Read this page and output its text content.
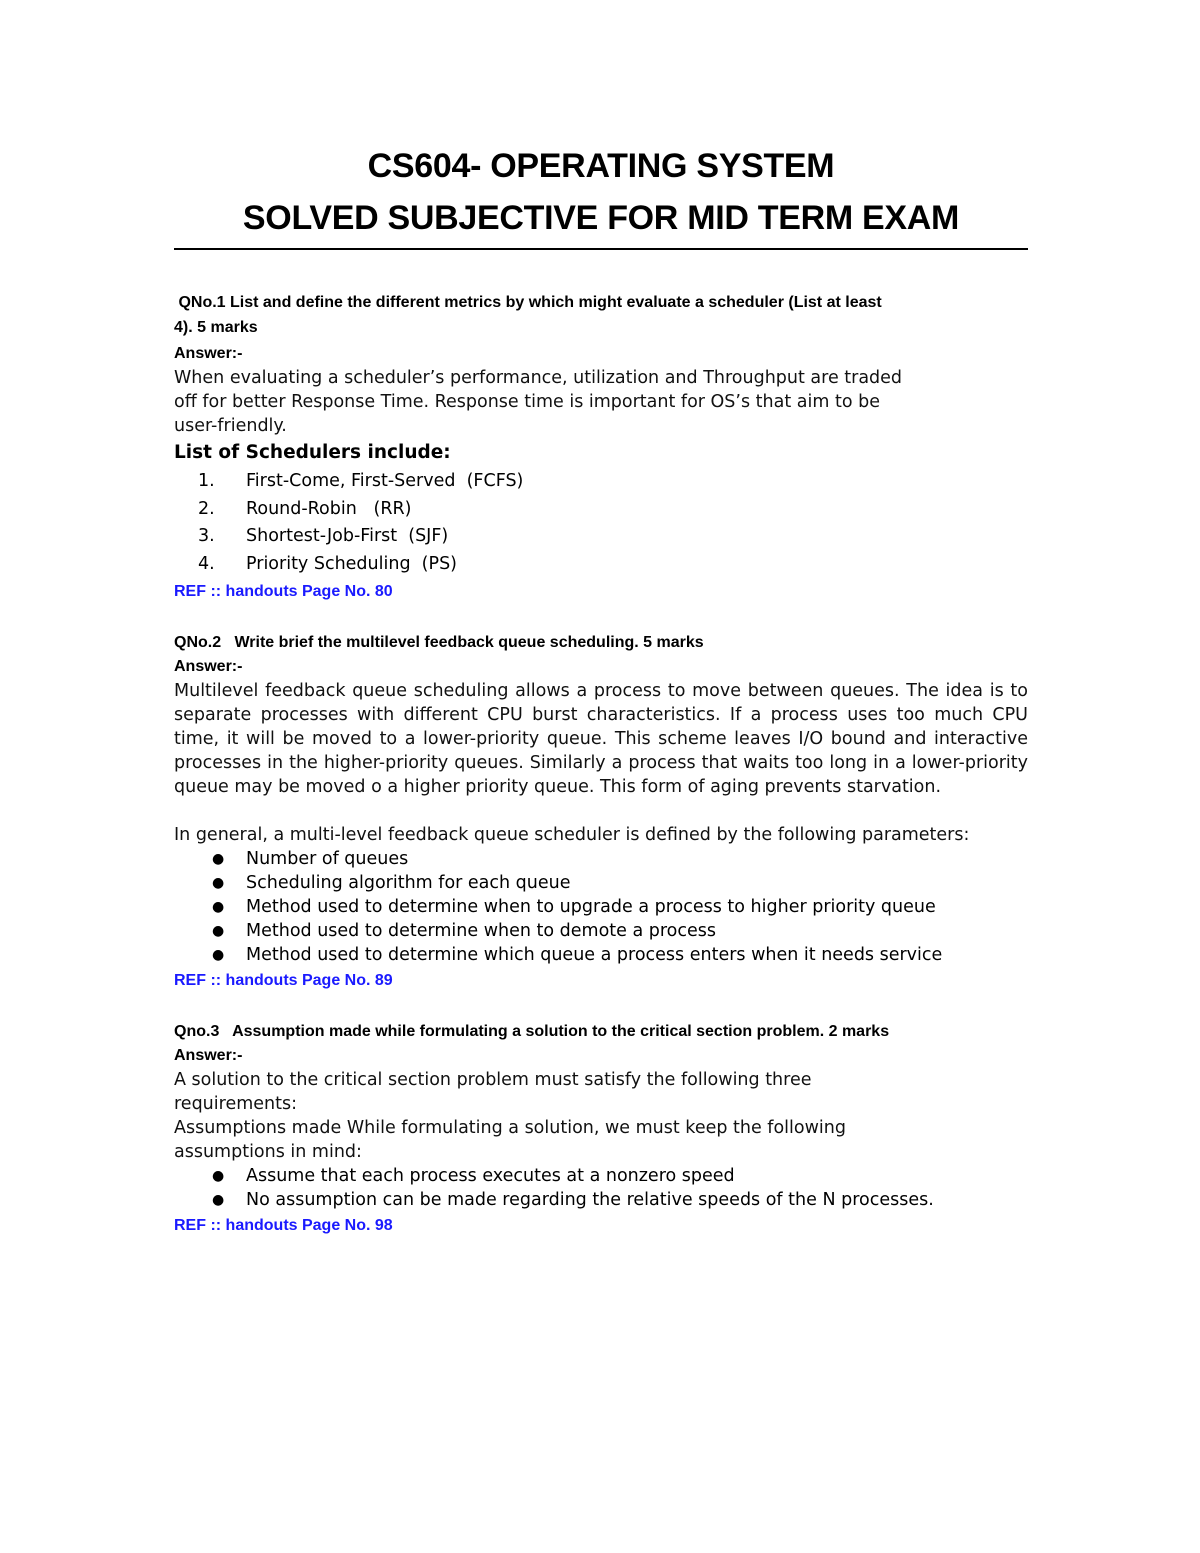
CS604- OPERATING SYSTEM

SOLVED SUBJECTIVE FOR MID TERM EXAM

QNo.1 List and define the different metrics by which might evaluate a scheduler (List at least

4). 5 marks

Answer:-

When evaluating a scheduler’s performance, utilization and Throughput are traded

off for better Response Time. Response time is important for OS’s that aim to be

user-friendly.

List of Schedulers include:

1.	First-Come, First-Served  (FCFS)
2.	Round-Robin   (RR)
3.	Shortest-Job-First  (SJF)
4.	Priority Scheduling  (PS)

REF :: handouts Page No. 80

QNo.2   Write brief the multilevel feedback queue scheduling. 5 marks

Answer:-

Multilevel feedback queue scheduling allows a process to move between queues. The idea is to separate processes with different CPU burst characteristics. If a process uses too much CPU time, it will be moved to a lower-priority queue. This scheme leaves I/O bound and interactive processes in the higher-priority queues. Similarly a process that waits too long in a lower-priority queue may be moved o a higher priority queue. This form of aging prevents starvation.

In general, a multi-level feedback queue scheduler is defined by the following parameters:

●	Number of queues
●	Scheduling algorithm for each queue
●	Method used to determine when to upgrade a process to higher priority queue
●	Method used to determine when to demote a process
●	Method used to determine which queue a process enters when it needs service

REF :: handouts Page No. 89

Qno.3   Assumption made while formulating a solution to the critical section problem. 2 marks

Answer:-

A solution to the critical section problem must satisfy the following three

requirements:

Assumptions made While formulating a solution, we must keep the following

assumptions in mind:

●	Assume that each process executes at a nonzero speed
●	No assumption can be made regarding the relative speeds of the N processes.

REF :: handouts Page No. 98
